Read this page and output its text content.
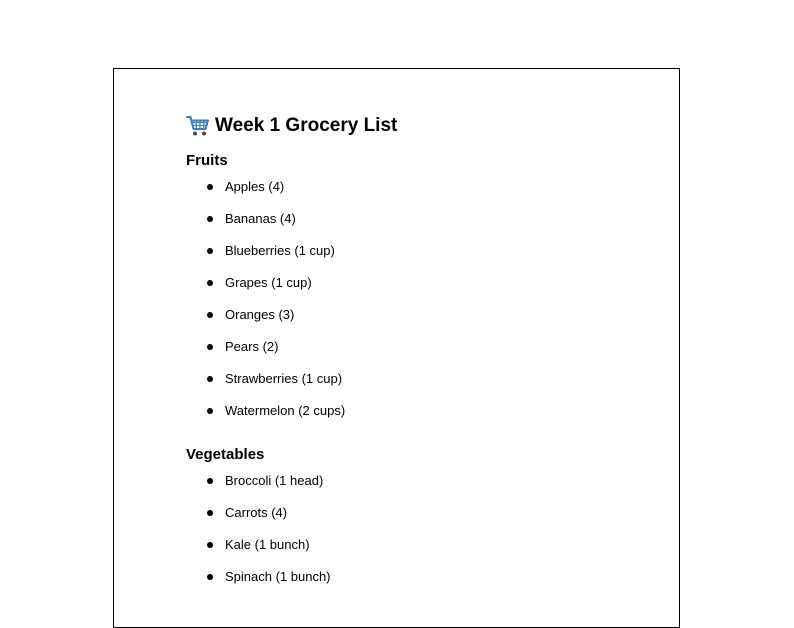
Week 1 Grocery List
Fruits
Apples (4)
Bananas (4)
Blueberries (1 cup)
Grapes (1 cup)
Oranges (3)
Pears (2)
Strawberries (1 cup)
Watermelon (2 cups)
Vegetables
Broccoli (1 head)
Carrots (4)
Kale (1 bunch)
Spinach (1 bunch)
